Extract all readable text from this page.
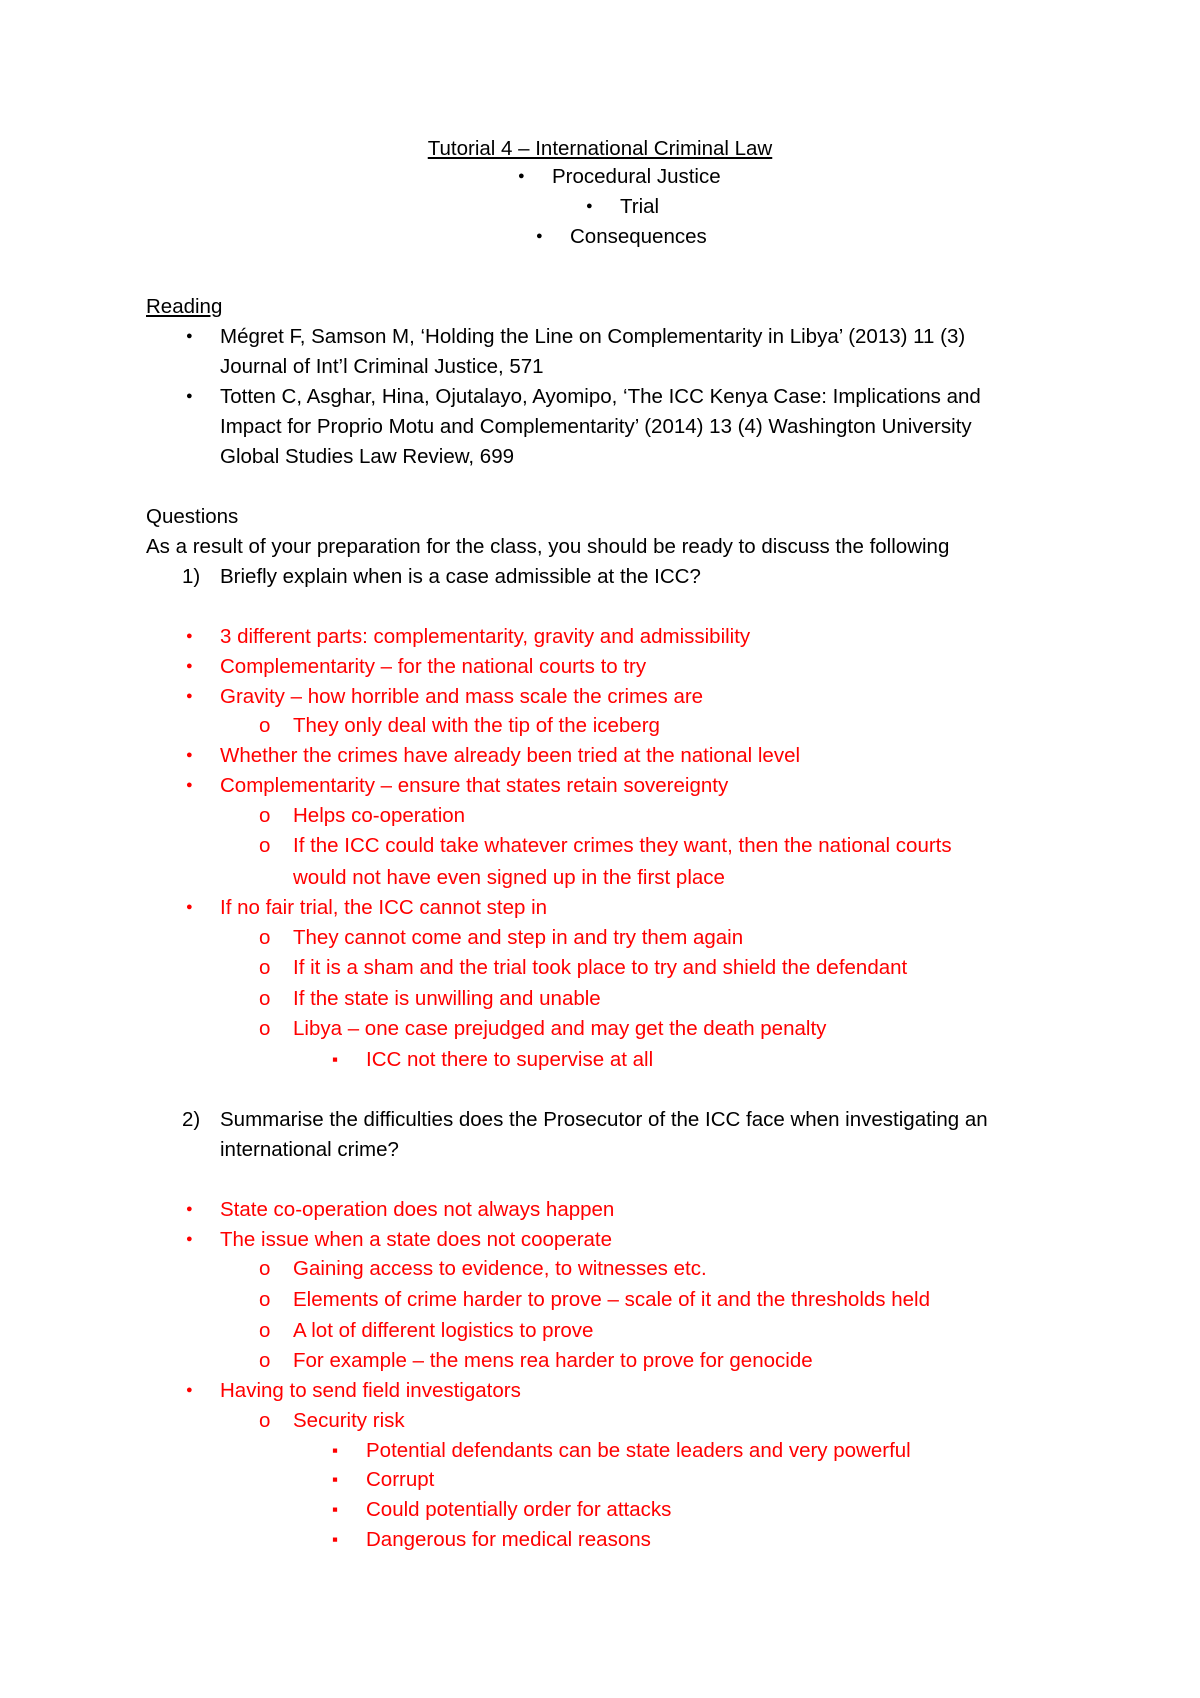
Tutorial 4 – International Criminal Law
● Procedural Justice
● Trial
● Consequences
Reading
● Mégret F, Samson M, ‘Holding the Line on Complementarity in Libya’ (2013) 11 (3)
Journal of Int’l Criminal Justice, 571
● Totten C, Asghar, Hina, Ojutalayo, Ayomipo, ‘The ICC Kenya Case: Implications and
Impact for Proprio Motu and Complementarity’ (2014) 13 (4) Washington University
Global Studies Law Review, 699
Questions
As a result of your preparation for the class, you should be ready to discuss the following
1) Briefly explain when is a case admissible at the ICC?
● 3 different parts: complementarity, gravity and admissibility
● Complementarity – for the national courts to try
● Gravity – how horrible and mass scale the crimes are
o They only deal with the tip of the iceberg
● Whether the crimes have already been tried at the national level
● Complementarity – ensure that states retain sovereignty
o Helps co-operation
o If the ICC could take whatever crimes they want, then the national courts
would not have even signed up in the first place
● If no fair trial, the ICC cannot step in
o They cannot come and step in and try them again
o If it is a sham and the trial took place to try and shield the defendant
o If the state is unwilling and unable
o Libya – one case prejudged and may get the death penalty
▪ ICC not there to supervise at all
2) Summarise the difficulties does the Prosecutor of the ICC face when investigating an
international crime?
● State co-operation does not always happen
● The issue when a state does not cooperate
o Gaining access to evidence, to witnesses etc.
o Elements of crime harder to prove – scale of it and the thresholds held
o A lot of different logistics to prove
o For example – the mens rea harder to prove for genocide
● Having to send field investigators
o Security risk
▪ Potential defendants can be state leaders and very powerful
▪ Corrupt
▪ Could potentially order for attacks
▪ Dangerous for medical reasons
